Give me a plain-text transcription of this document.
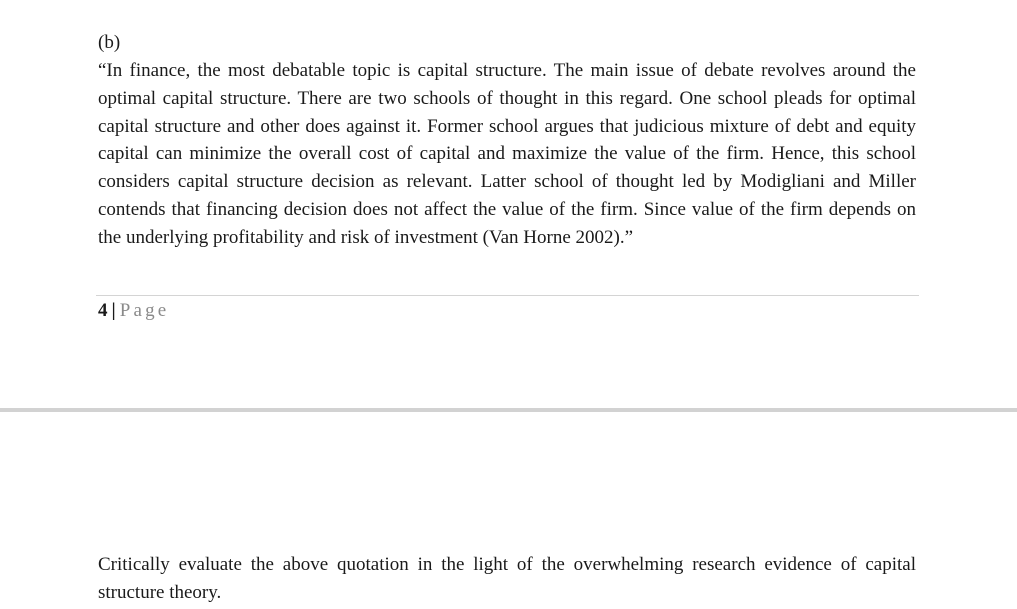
(b)
“In finance, the most debatable topic is capital structure. The main issue of debate revolves around the optimal capital structure. There are two schools of thought in this regard. One school pleads for optimal capital structure and other does against it. Former school argues that judicious mixture of debt and equity capital can minimize the overall cost of capital and maximize the value of the firm. Hence, this school considers capital structure decision as relevant. Latter school of thought led by Modigliani and Miller contends that financing decision does not affect the value of the firm. Since value of the firm depends on the underlying profitability and risk of investment (Van Horne 2002).”
4 | Page
Critically evaluate the above quotation in the light of the overwhelming research evidence of capital structure theory.
